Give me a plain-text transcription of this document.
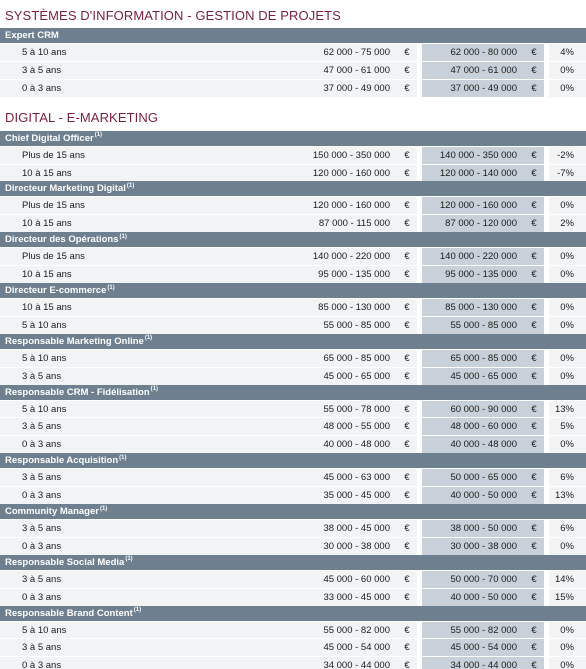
SYSTÈMES D'INFORMATION - GESTION DE PROJETS
Expert CRM
5 à 10 ans	62 000 - 75 000	€	62 000 - 80 000	€	4%
3 à 5 ans	47 000 - 61 000	€	47 000 - 61 000	€	0%
0 à 3 ans	37 000 - 49 000	€	37 000 - 49 000	€	0%
DIGITAL - E-MARKETING
Chief Digital Officer$^{(1)}$
Plus de 15 ans	150 000 - 350 000	€	140 000 - 350 000	€	-2%
10 à 15 ans	120 000 - 160 000	€	120 000 - 140 000	€	-7%
Directeur Marketing Digital$^{(1)}$
Plus de 15 ans	120 000 - 160 000	€	120 000 - 160 000	€	0%
10 à 15 ans	87 000 - 115 000	€	87 000 - 120 000	€	2%
Directeur des Opérations$^{(1)}$
Plus de 15 ans	140 000 - 220 000	€	140 000 - 220 000	€	0%
10 à 15 ans	95 000 - 135 000	€	95 000 - 135 000	€	0%
Directeur E-commerce$^{(1)}$
10 à 15 ans	85 000 - 130 000	€	85 000 - 130 000	€	0%
5 à 10 ans	55 000 - 85 000	€	55 000 - 85 000	€	0%
Responsable Marketing Online$^{(1)}$
5 à 10 ans	65 000 - 85 000	€	65 000 - 85 000	€	0%
3 à 5 ans	45 000 - 65 000	€	45 000 - 65 000	€	0%
Responsable CRM - Fidélisation$^{(1)}$
5 à 10 ans	55 000 - 78 000	€	60 000 - 90 000	€	13%
3 à 5 ans	48 000 - 55 000	€	48 000 - 60 000	€	5%
0 à 3 ans	40 000 - 48 000	€	40 000 - 48 000	€	0%
Responsable Acquisition$^{(1)}$
3 à 5 ans	45 000 - 63 000	€	50 000 - 65 000	€	6%
0 à 3 ans	35 000 - 45 000	€	40 000 - 50 000	€	13%
Community Manager$^{(1)}$
3 à 5 ans	38 000 - 45 000	€	38 000 - 50 000	€	6%
0 à 3 ans	30 000 - 38 000	€	30 000 - 38 000	€	0%
Responsable Social Media$^{(1)}$
3 à 5 ans	45 000 - 60 000	€	50 000 - 70 000	€	14%
0 à 3 ans	33 000 - 45 000	€	40 000 - 50 000	€	15%
Responsable Brand Content$^{(1)}$
5 à 10 ans	55 000 - 82 000	€	55 000 - 82 000	€	0%
3 à 5 ans	45 000 - 54 000	€	45 000 - 54 000	€	0%
0 à 3 ans	34 000 - 44 000	€	34 000 - 44 000	€	0%
